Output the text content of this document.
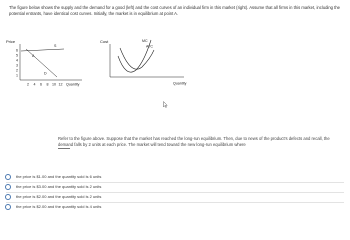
The figure below shows the supply and the demand for a good (left) and the cost curves of an individual firm in this market (right). Assume that all firms in this market, including the potential entrants, have identical cost curves. Initially, the market is in equilibrium at point A.
Price
6
5
4
3
2
1
2 4 6 8 10 12 Quantity
S
D
A
Cost
Quantity
MC
ATC
Refer to the figure above. Suppose that the market has reached the long-run equilibrium. Then, due to news of the product's defects and recall, the demand falls by 2 units at each price. The market will tend toward the new long-run equilibrium where
the price is $1.00 and the quantity sold is 6 units
the price is $3.00 and the quantity sold is 2 units
the price is $2.00 and the quantity sold is 2 units
the price is $2.00 and the quantity sold is 4 units
